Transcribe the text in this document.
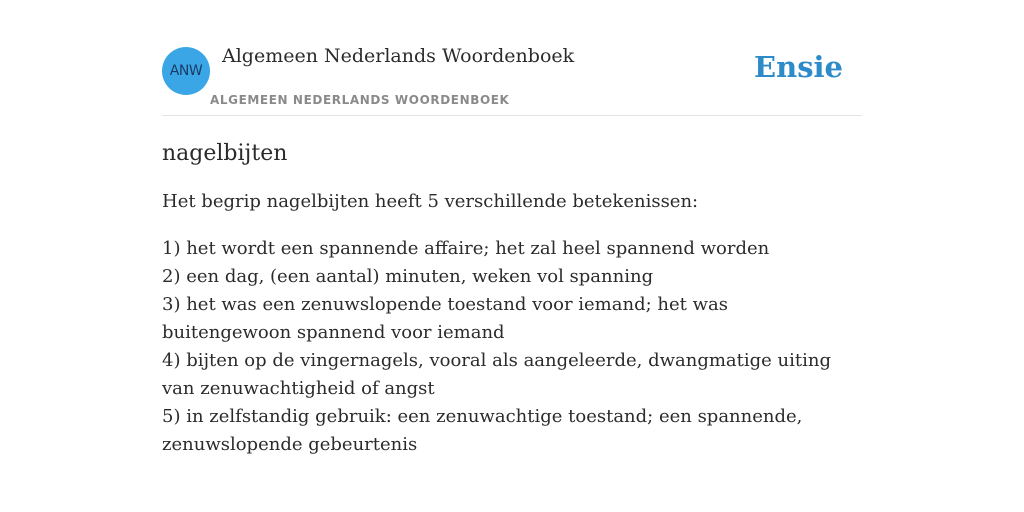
ANW
Algemeen Nederlands Woordenboek
ALGEMEEN NEDERLANDS WOORDENBOEK
Ensie
nagelbijten

Het begrip nagelbijten heeft 5 verschillende betekenissen:

1) het wordt een spannende affaire; het zal heel spannend worden
2) een dag, (een aantal) minuten, weken vol spanning
3) het was een zenuwslopende toestand voor iemand; het was buitengewoon spannend voor iemand
4) bijten op de vingernagels, vooral als aangeleerde, dwangmatige uiting van zenuwachtigheid of angst
5) in zelfstandig gebruik: een zenuwachtige toestand; een spannende, zenuwslopende gebeurtenis
